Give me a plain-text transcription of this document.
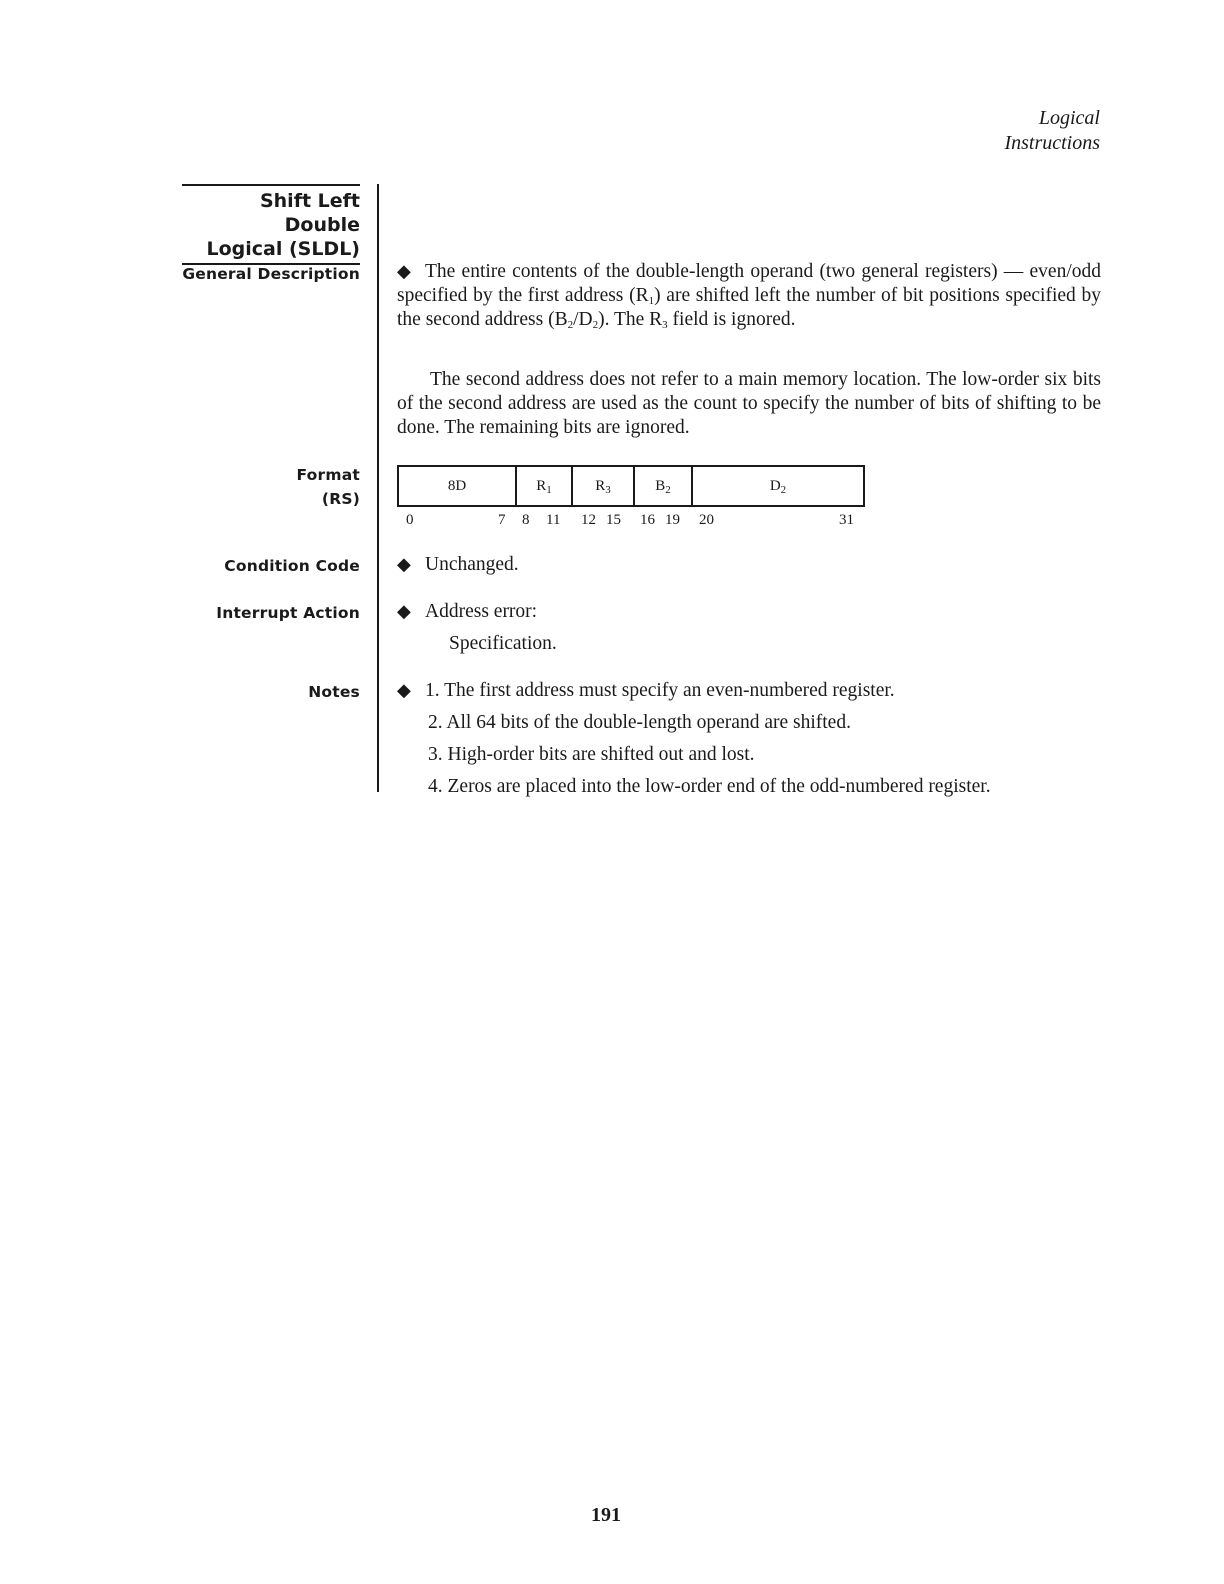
Logical
Instructions
Shift Left Double
Logical (SLDL)
General Description
Format
(RS)
Condition Code
Interrupt Action
Notes

◆ The entire contents of the double-length operand (two general registers) — even/odd specified by the first address $(R_1)$ are shifted left the number of bit positions specified by the second address $(B_2/D_2)$. The $R_3$ field is ignored.

The second address does not refer to a main memory location. The low-order six bits of the second address are used as the count to specify the number of bits of shifting to be done. The remaining bits are ignored.
8D	$R_1$	$R_3$	$B_2$	$D_2$
0	7 8 11 12 15 16 19 20	31
◆ Unchanged.
◆ Address error:
Specification.
◆ 1. The first address must specify an even-numbered register.
2. All 64 bits of the double-length operand are shifted.
3. High-order bits are shifted out and lost.
4. Zeros are placed into the low-order end of the odd-numbered register.
191
